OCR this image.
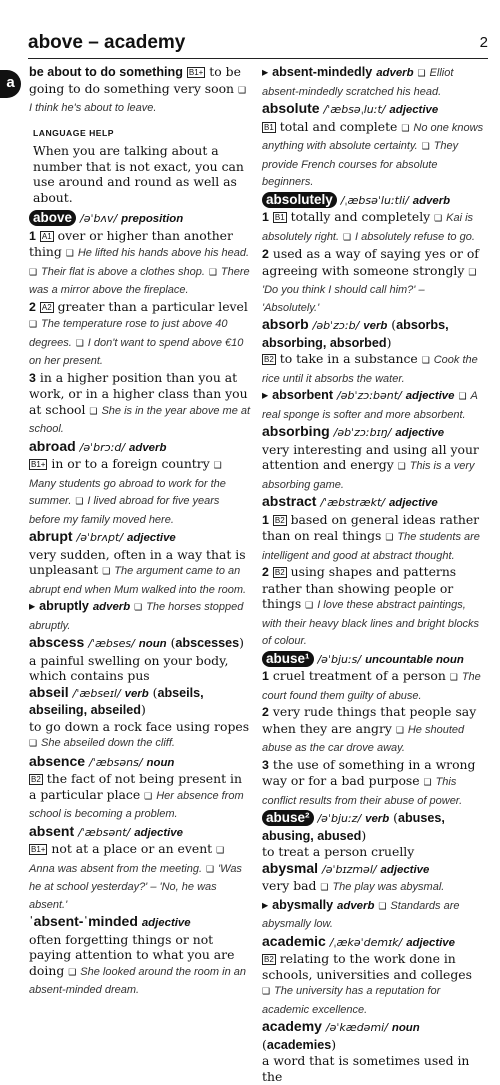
above – academy	2
a
be about to do something B1+ to be going to do something very soon ❑ I think he's about to leave.
LANGUAGE HELP
When you are talking about a number that is not exact, you can use around and round as well as about.
above /əˈbʌv/ preposition
1 A1 over or higher than another thing ❑ He lifted his hands above his head. ❑ Their flat is above a clothes shop. ❑ There was a mirror above the fireplace.
2 A2 greater than a particular level ❑ The temperature rose to just above 40 degrees. ❑ I don't want to spend above €10 on her present.
3 in a higher position than you at work, or in a higher class than you at school ❑ She is in the year above me at school.
abroad /əˈbrɔːd/ adverb
B1+ in or to a foreign country ❑ Many students go abroad to work for the summer. ❑ I lived abroad for five years before my family moved here.
abrupt /əˈbrʌpt/ adjective
very sudden, often in a way that is unpleasant ❑ The argument came to an abrupt end when Mum walked into the room.
▸ abruptly adverb ❑ The horses stopped abruptly.
abscess /ˈæbses/ noun (abscesses)
a painful swelling on your body, which contains pus
abseil /ˈæbseɪl/ verb (abseils, abseiling, abseiled)
to go down a rock face using ropes ❑ She abseiled down the cliff.
absence /ˈæbsəns/ noun
B2 the fact of not being present in a particular place ❑ Her absence from school is becoming a problem.
absent /ˈæbsənt/ adjective
B1+ not at a place or an event ❑ Anna was absent from the meeting. ❑ 'Was he at school yesterday?' – 'No, he was absent.'
ˈabsent-ˈminded adjective
often forgetting things or not paying attention to what you are doing ❑ She looked around the room in an absent-minded dream.
▸ absent-mindedly adverb ❑ Elliot absent-mindedly scratched his head.
absolute /ˈæbsəˌluːt/ adjective
B1 total and complete ❑ No one knows anything with absolute certainty. ❑ They provide French courses for absolute beginners.
absolutely /ˌæbsəˈluːtli/ adverb
1 B1 totally and completely ❑ Kai is absolutely right. ❑ I absolutely refuse to go.
2 used as a way of saying yes or of agreeing with someone strongly ❑ 'Do you think I should call him?' – 'Absolutely.'
absorb /əbˈzɔːb/ verb (absorbs, absorbing, absorbed)
B2 to take in a substance ❑ Cook the rice until it absorbs the water.
▸ absorbent /əbˈzɔːbənt/ adjective ❑ A real sponge is softer and more absorbent.
absorbing /əbˈzɔːbɪŋ/ adjective
very interesting and using all your attention and energy ❑ This is a very absorbing game.
abstract /ˈæbstrækt/ adjective
1 B2 based on general ideas rather than on real things ❑ The students are intelligent and good at abstract thought.
2 B2 using shapes and patterns rather than showing people or things ❑ I love these abstract paintings, with their heavy black lines and bright blocks of colour.
abuse¹ /əˈbjuːs/ uncountable noun
1 cruel treatment of a person ❑ The court found them guilty of abuse.
2 very rude things that people say when they are angry ❑ He shouted abuse as the car drove away.
3 the use of something in a wrong way or for a bad purpose ❑ This conflict results from their abuse of power.
abuse² /əˈbjuːz/ verb (abuses, abusing, abused)
to treat a person cruelly
abysmal /əˈbɪzməl/ adjective
very bad ❑ The play was abysmal.
▸ abysmally adverb ❑ Standards are abysmally low.
academic /ˌækəˈdemɪk/ adjective
B2 relating to the work done in schools, universities and colleges ❑ The university has a reputation for academic excellence.
academy /əˈkædəmi/ noun (academies)
a word that is sometimes used in the
